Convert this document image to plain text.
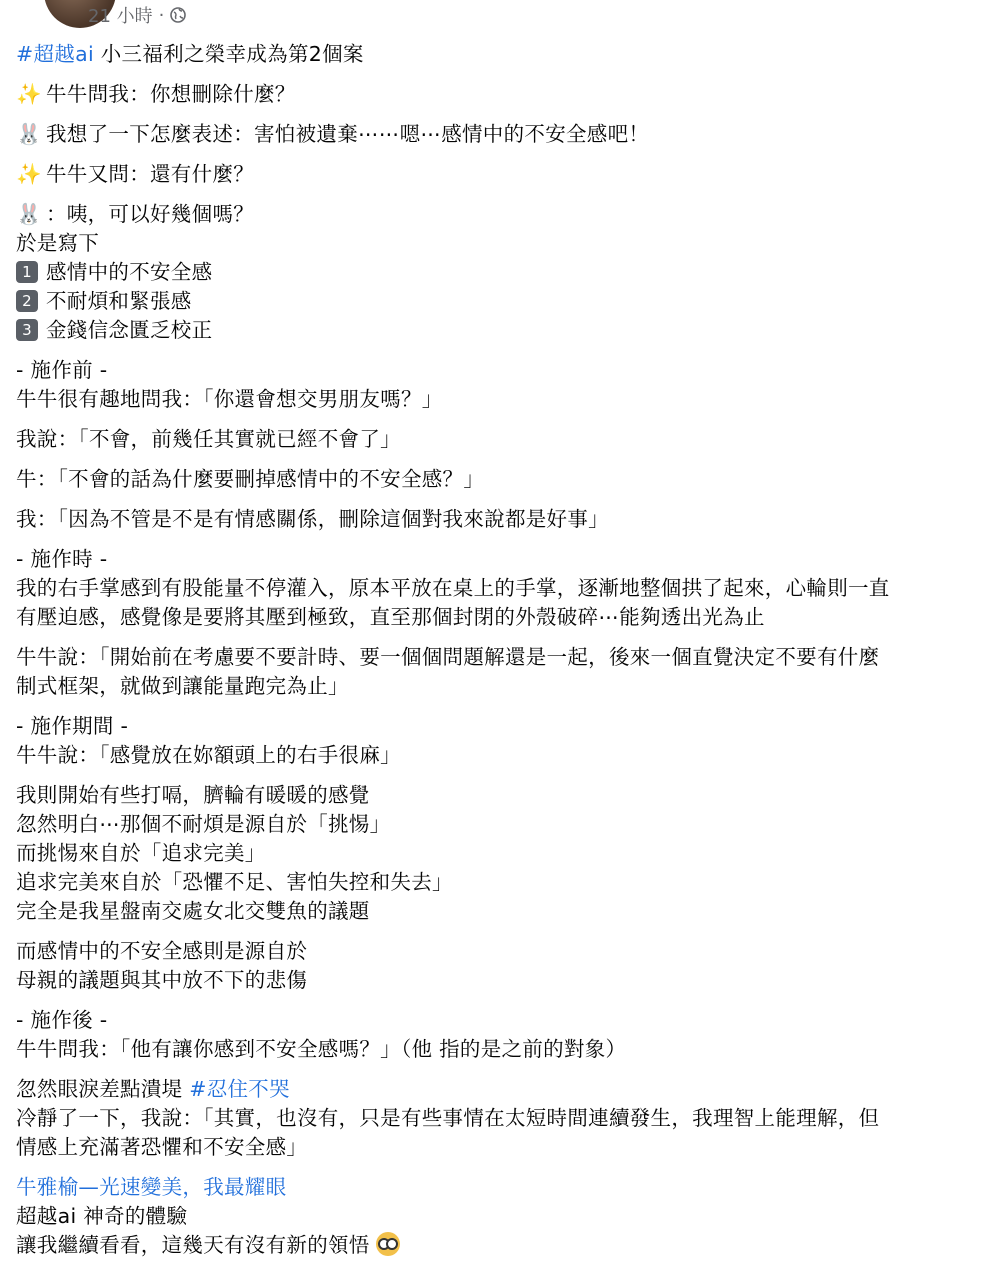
21 小時 ·
#超越ai 小三福利之榮幸成為第2個案
✨ 牛牛問我：你想刪除什麼？
🐰 我想了一下怎麼表述：害怕被遺棄⋯⋯嗯⋯感情中的不安全感吧！
✨ 牛牛又問：還有什麼？
🐰 ：咦，可以好幾個嗎？
於是寫下
1 感情中的不安全感
2 不耐煩和緊張感
3 金錢信念匱乏校正
- 施作前 -
牛牛很有趣地問我：「你還會想交男朋友嗎？」
我說：「不會，前幾任其實就已經不會了」
牛：「不會的話為什麼要刪掉感情中的不安全感？」
我：「因為不管是不是有情感關係，刪除這個對我來說都是好事」
- 施作時 -
我的右手掌感到有股能量不停灌入，原本平放在桌上的手掌，逐漸地整個拱了起來，心輪則一直
有壓迫感，感覺像是要將其壓到極致，直至那個封閉的外殼破碎⋯能夠透出光為止
牛牛說：「開始前在考慮要不要計時、要一個個問題解還是一起，後來一個直覺決定不要有什麼
制式框架，就做到讓能量跑完為止」
- 施作期間 -
牛牛說：「感覺放在妳額頭上的右手很麻」
我則開始有些打嗝，臍輪有暖暖的感覺
忽然明白⋯那個不耐煩是源自於「挑惕」
而挑惕來自於「追求完美」
追求完美來自於「恐懼不足、害怕失控和失去」
完全是我星盤南交處女北交雙魚的議題
而感情中的不安全感則是源自於
母親的議題與其中放不下的悲傷
- 施作後 -
牛牛問我：「他有讓你感到不安全感嗎？」（他 指的是之前的對象）
忽然眼淚差點潰堤 #忍住不哭
冷靜了一下，我說：「其實，也沒有，只是有些事情在太短時間連續發生，我理智上能理解，但
情感上充滿著恐懼和不安全感」
牛雅榆—光速變美，我最耀眼
超越ai 神奇的體驗
讓我繼續看看，這幾天有沒有新的領悟
